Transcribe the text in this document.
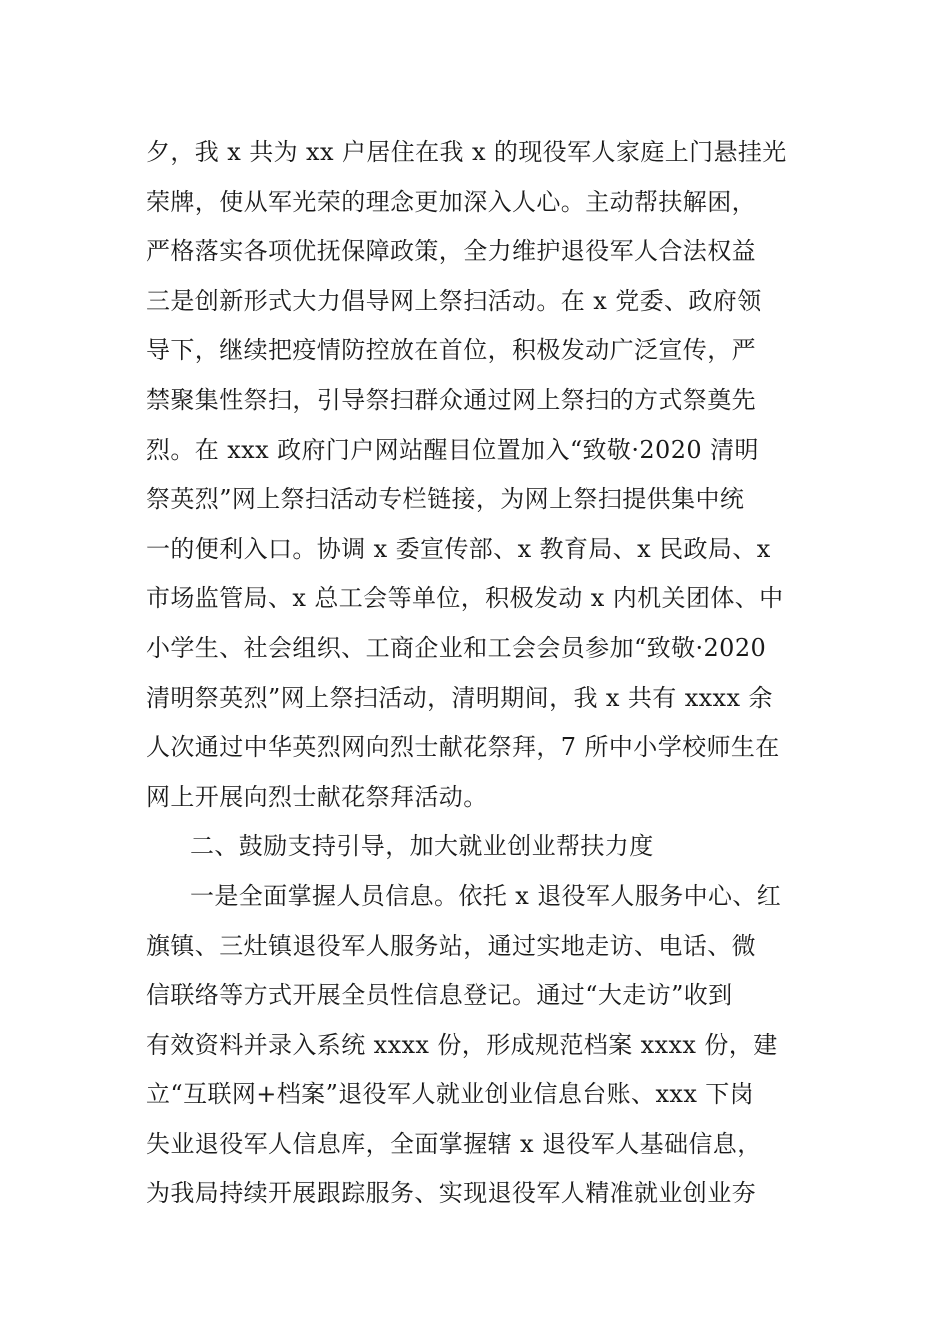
夕，我 x 共为 xx 户居住在我 x 的现役军人家庭上门悬挂光
荣牌，使从军光荣的理念更加深入人心。主动帮扶解困，
严格落实各项优抚保障政策，全力维护退役军人合法权益
三是创新形式大力倡导网上祭扫活动。在 x 党委、政府领
导下，继续把疫情防控放在首位，积极发动广泛宣传，严
禁聚集性祭扫，引导祭扫群众通过网上祭扫的方式祭奠先
烈。在 xxx 政府门户网站醒目位置加入“致敬·2020 清明
祭英烈”网上祭扫活动专栏链接，为网上祭扫提供集中统
一的便利入口。协调 x 委宣传部、x 教育局、x 民政局、x
市场监管局、x 总工会等单位，积极发动 x 内机关团体、中
小学生、社会组织、工商企业和工会会员参加“致敬·2020
清明祭英烈”网上祭扫活动，清明期间，我 x 共有 xxxx 余
人次通过中华英烈网向烈士献花祭拜，7 所中小学校师生在
网上开展向烈士献花祭拜活动。
二、鼓励支持引导，加大就业创业帮扶力度
一是全面掌握人员信息。依托 x 退役军人服务中心、红
旗镇、三灶镇退役军人服务站，通过实地走访、电话、微
信联络等方式开展全员性信息登记。通过“大走访”收到
有效资料并录入系统 xxxx 份，形成规范档案 xxxx 份，建
立“互联网+档案”退役军人就业创业信息台账、xxx 下岗
失业退役军人信息库，全面掌握辖 x 退役军人基础信息，
为我局持续开展跟踪服务、实现退役军人精准就业创业夯
